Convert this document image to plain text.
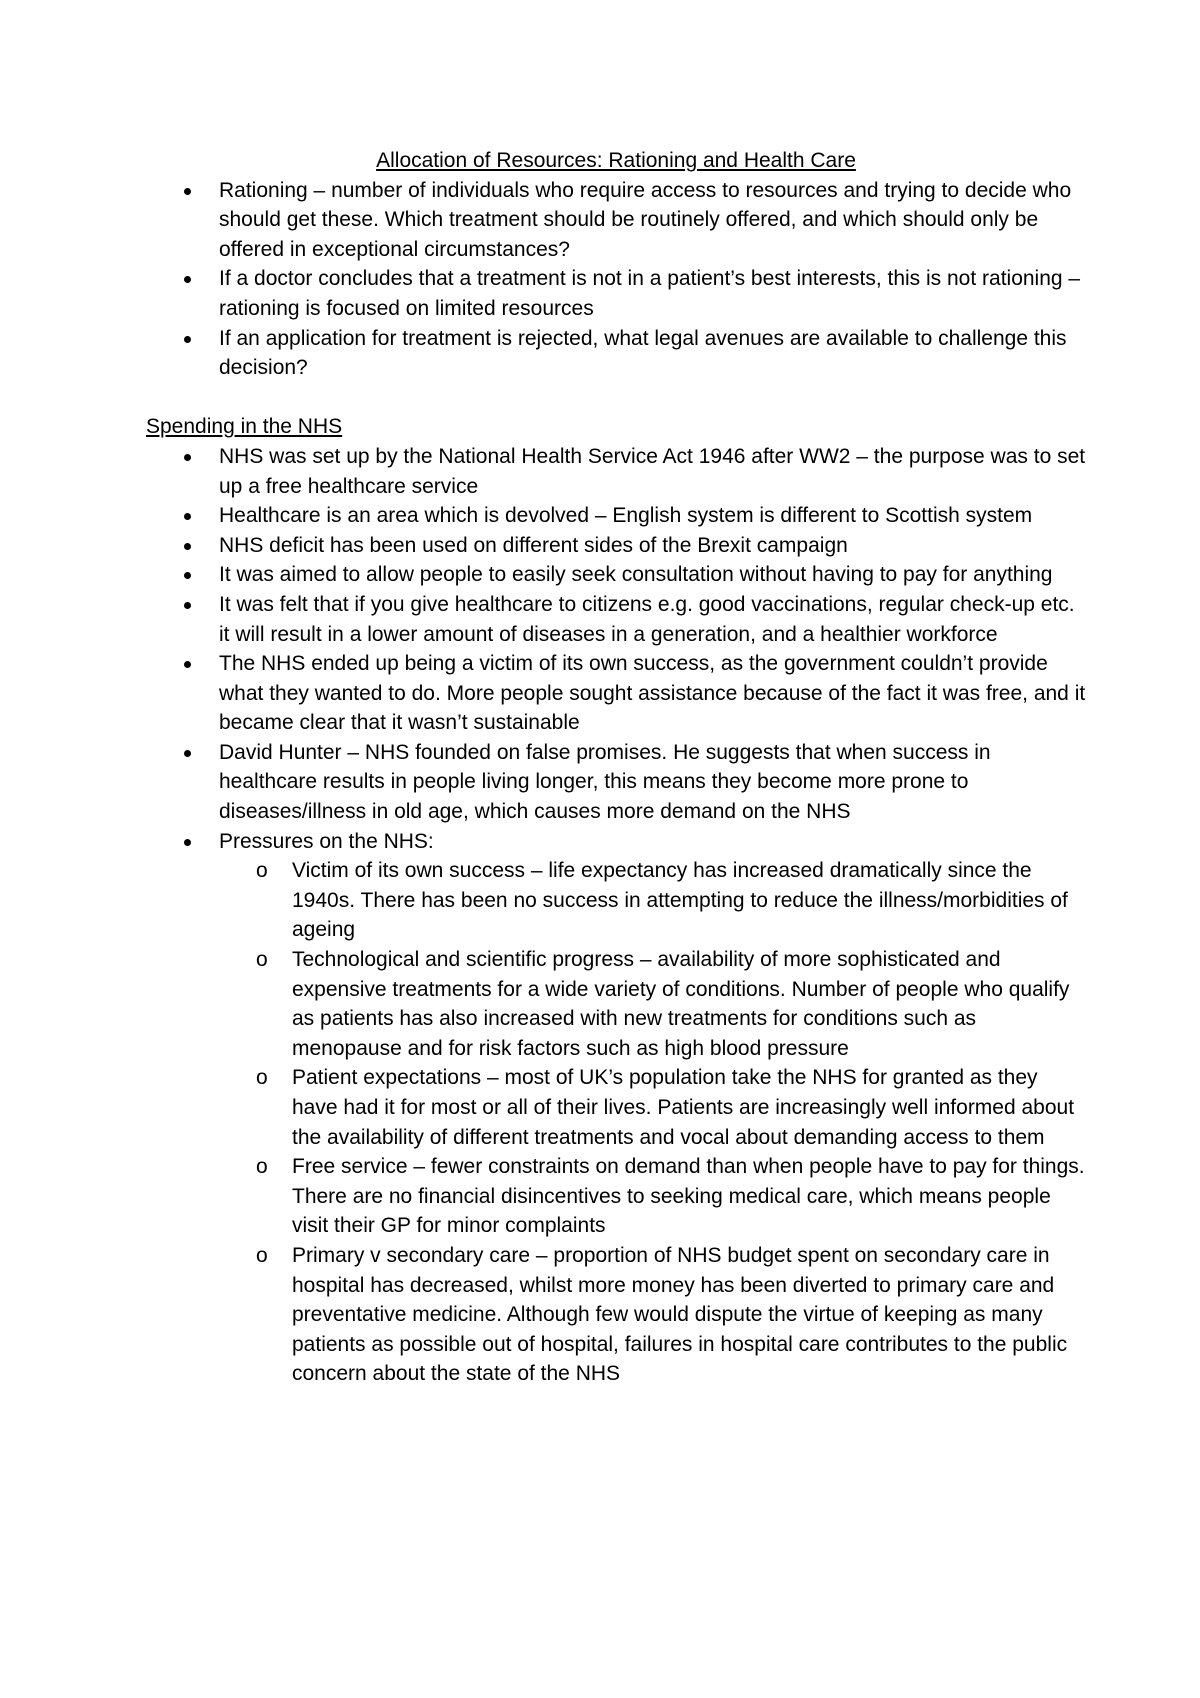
Allocation of Resources: Rationing and Health Care
Rationing – number of individuals who require access to resources and trying to decide who should get these. Which treatment should be routinely offered, and which should only be offered in exceptional circumstances?
If a doctor concludes that a treatment is not in a patient’s best interests, this is not rationing – rationing is focused on limited resources
If an application for treatment is rejected, what legal avenues are available to challenge this decision?
Spending in the NHS
NHS was set up by the National Health Service Act 1946 after WW2 – the purpose was to set up a free healthcare service
Healthcare is an area which is devolved – English system is different to Scottish system
NHS deficit has been used on different sides of the Brexit campaign
It was aimed to allow people to easily seek consultation without having to pay for anything
It was felt that if you give healthcare to citizens e.g. good vaccinations, regular check-up etc. it will result in a lower amount of diseases in a generation, and a healthier workforce
The NHS ended up being a victim of its own success, as the government couldn’t provide what they wanted to do. More people sought assistance because of the fact it was free, and it became clear that it wasn’t sustainable
David Hunter – NHS founded on false promises. He suggests that when success in healthcare results in people living longer, this means they become more prone to diseases/illness in old age, which causes more demand on the NHS
Pressures on the NHS:
o Victim of its own success – life expectancy has increased dramatically since the 1940s. There has been no success in attempting to reduce the illness/morbidities of ageing
o Technological and scientific progress – availability of more sophisticated and expensive treatments for a wide variety of conditions. Number of people who qualify as patients has also increased with new treatments for conditions such as menopause and for risk factors such as high blood pressure
o Patient expectations – most of UK’s population take the NHS for granted as they have had it for most or all of their lives. Patients are increasingly well informed about the availability of different treatments and vocal about demanding access to them
o Free service – fewer constraints on demand than when people have to pay for things. There are no financial disincentives to seeking medical care, which means people visit their GP for minor complaints
o Primary v secondary care – proportion of NHS budget spent on secondary care in hospital has decreased, whilst more money has been diverted to primary care and preventative medicine. Although few would dispute the virtue of keeping as many patients as possible out of hospital, failures in hospital care contributes to the public concern about the state of the NHS
